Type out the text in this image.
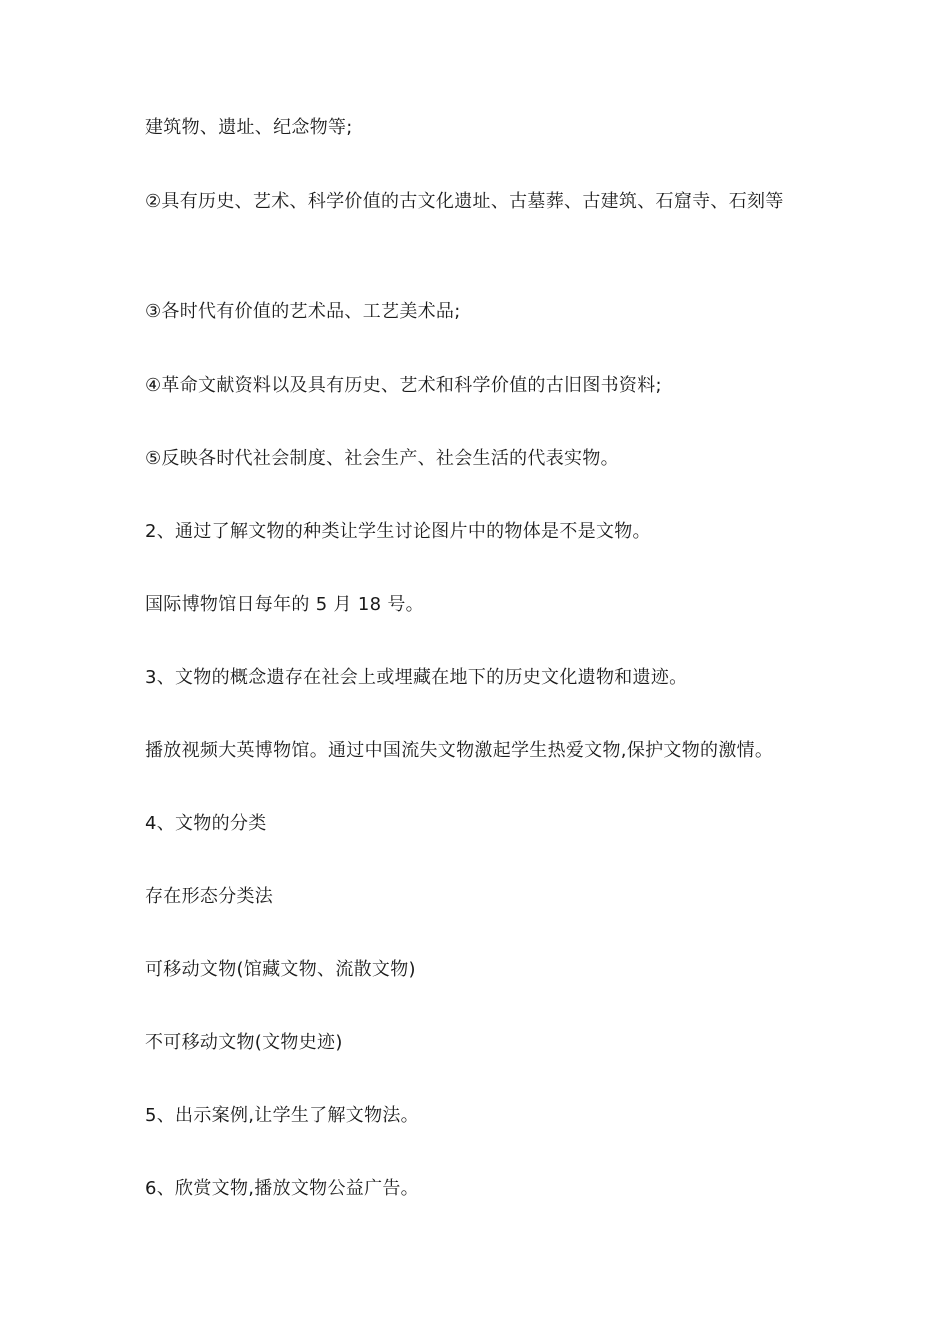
建筑物、遗址、纪念物等;
②具有历史、艺术、科学价值的古文化遗址、古墓葬、古建筑、石窟寺、石刻等
③各时代有价值的艺术品、工艺美术品;
④革命文献资料以及具有历史、艺术和科学价值的古旧图书资料;
⑤反映各时代社会制度、社会生产、社会生活的代表实物。
2、通过了解文物的种类让学生讨论图片中的物体是不是文物。
国际博物馆日每年的 5 月 18 号。
3、文物的概念遗存在社会上或埋藏在地下的历史文化遗物和遗迹。
播放视频大英博物馆。通过中国流失文物激起学生热爱文物,保护文物的激情。
4、文物的分类
存在形态分类法
可移动文物(馆藏文物、流散文物)
不可移动文物(文物史迹)
5、出示案例,让学生了解文物法。
6、欣赏文物,播放文物公益广告。
